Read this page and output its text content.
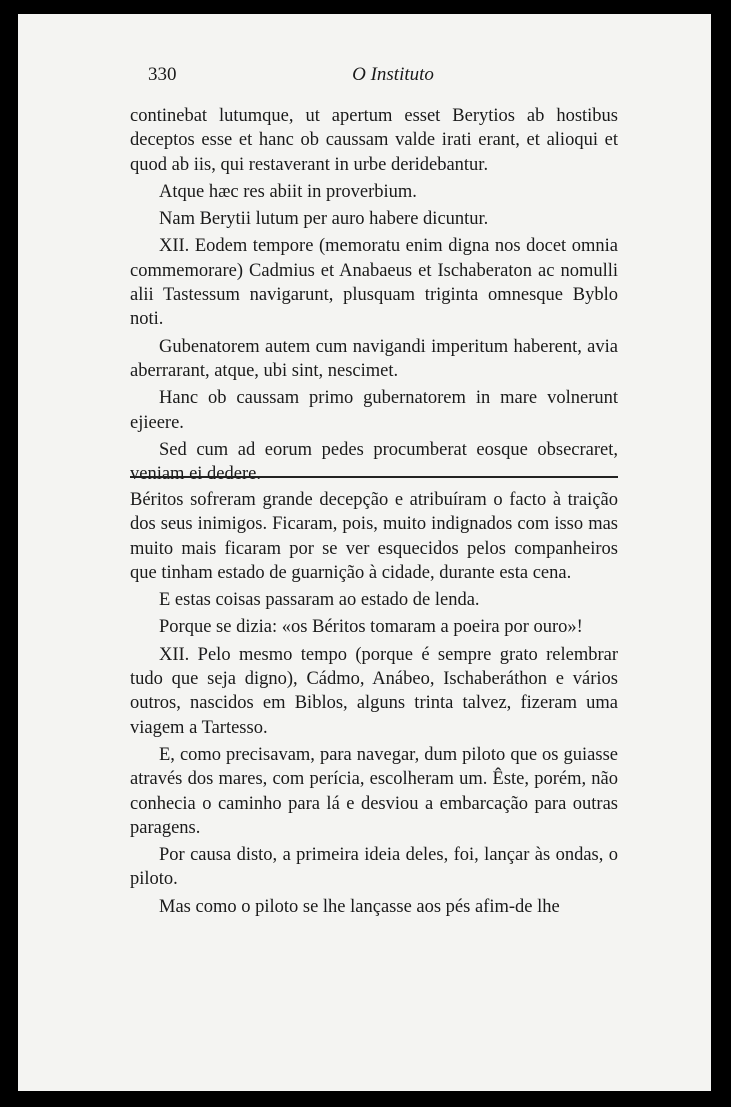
330	O Instituto

continebat lutumque, ut apertum esset Berytios ab hostibus deceptos esse et hanc ob caussam valde irati erant, et alioqui et quod ab iis, qui restaverant in urbe deridebantur.

Atque hæc res abiit in proverbium.

Nam Berytii lutum per auro habere dicuntur.

XII. Eodem tempore (memoratu enim digna nos docet omnia commemorare) Cadmius et Anabaeus et Ischaberaton ac nomulli alii Tastessum navigarunt, plusquam triginta omnesque Byblo noti.

Gubenatorem autem cum navigandi imperitum haberent, avia aberrarant, atque, ubi sint, nescimet.

Hanc ob caussam primo gubernatorem in mare volnerunt ejieere.

Sed cum ad eorum pedes procumberat eosque obsecraret, veniam ei dedere.

Béritos sofreram grande decepção e atribuíram o facto à traição dos seus inimigos. Ficaram, pois, muito indignados com isso mas muito mais ficaram por se ver esquecidos pelos companheiros que tinham estado de guarnição à cidade, durante esta cena.

E estas coisas passaram ao estado de lenda.

Porque se dizia: «os Béritos tomaram a poeira por ouro»!

XII. Pelo mesmo tempo (porque é sempre grato relembrar tudo que seja digno), Cádmo, Anábeo, Ischaberáthon e vários outros, nascidos em Biblos, alguns trinta talvez, fizeram uma viagem a Tartesso.

E, como precisavam, para navegar, dum piloto que os guiasse através dos mares, com perícia, escolheram um. Êste, porém, não conhecia o caminho para lá e desviou a embarcação para outras paragens.

Por causa disto, a primeira ideia deles, foi, lançar às ondas, o piloto.

Mas como o piloto se lhe lançasse aos pés afim-de lhe
